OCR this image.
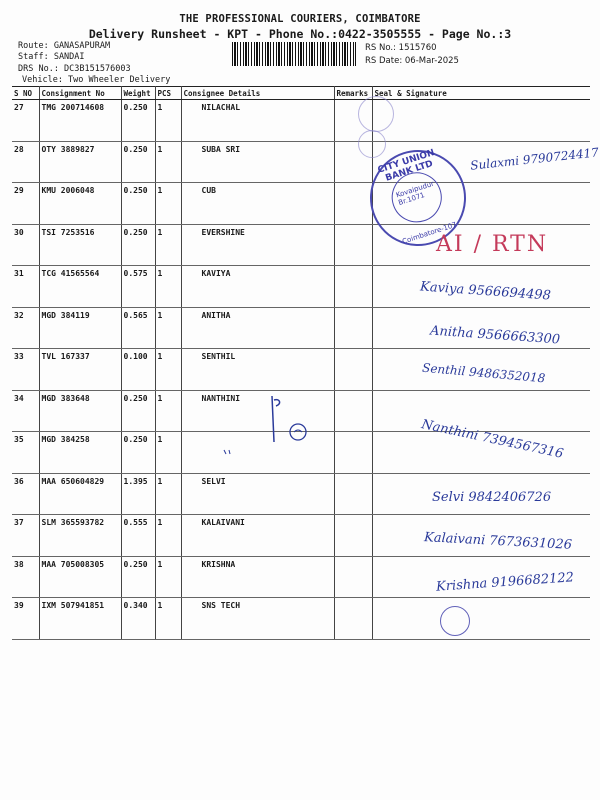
THE PROFESSIONAL COURIERS, COIMBATORE
Delivery Runsheet - KPT - Phone No.:0422-3505555 - Page No.:3
Route: GANASAPURAM
Staff: SANDAI
DRS No.: DC3B151576003
Vehicle: Two Wheeler Delivery
RS No.: 1515760
RS Date: 06-Mar-2025
S NO	Consignment No	Weight	PCS	Consignee Details	Remarks	Seal & Signature
27	TMG 200714608	0.250	1	NILACHAL		
28	OTY 3889827	0.250	1	SUBA SRI		
29	KMU 2006048	0.250	1	CUB		
30	TSI 7253516	0.250	1	EVERSHINE		
31	TCG 41565564	0.575	1	KAVIYA		
32	MGD 384119	0.565	1	ANITHA		
33	TVL 167337	0.100	1	SENTHIL		
34	MGD 383648	0.250	1	NANTHINI		
35	MGD 384258	0.250	1			
36	MAA 650604829	1.395	1	SELVI		
37	SLM 365593782	0.555	1	KALAIVANI		
38	MAA 705008305	0.250	1	KRISHNA		
39	IXM 507941851	0.340	1	SNS TECH		
CITY UNION BANK LTD
Kovaipudur Br.1071
Coimbatore-107
Sulaxmi 9790724417
AI / RTN
Kaviya 9566694498
Anitha 9566663300
Senthil 9486352018
Nanthini 7394567316
Selvi 9842406726
Kalaivani 7673631026
Krishna 9196682122
